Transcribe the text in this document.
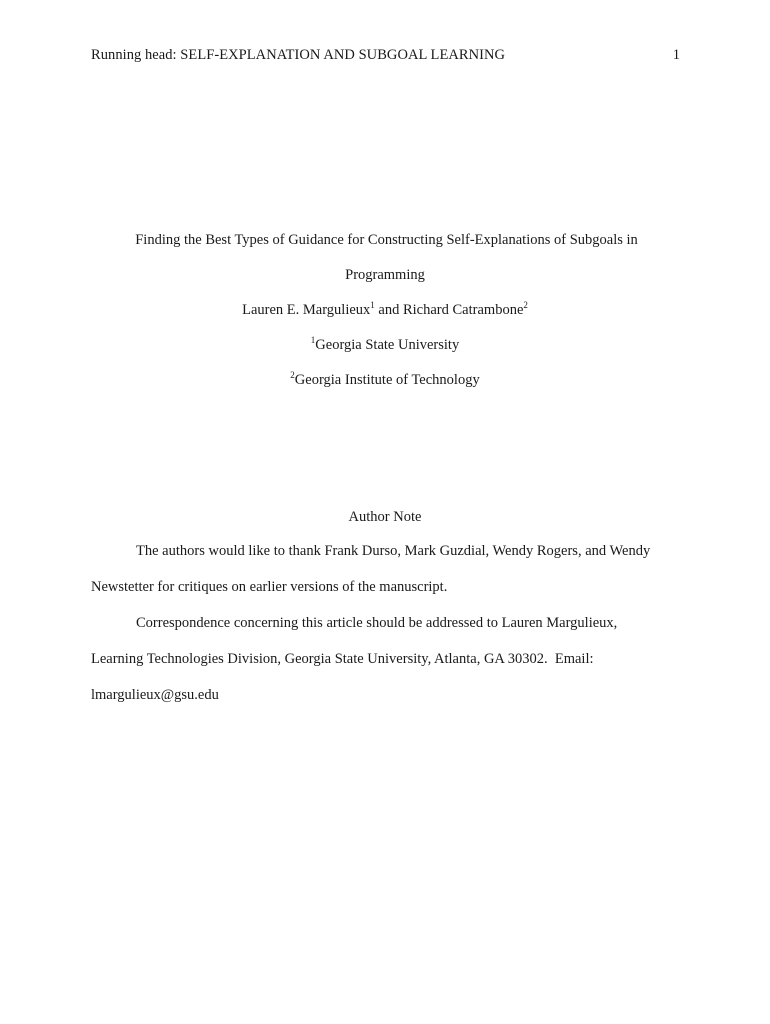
Running head: SELF-EXPLANATION AND SUBGOAL LEARNING	1
Finding the Best Types of Guidance for Constructing Self-Explanations of Subgoals in
Programming
Lauren E. Margulieux$^1$ and Richard Catrambone$^2$
$^1$Georgia State University
$^2$Georgia Institute of Technology
Author Note
The authors would like to thank Frank Durso, Mark Guzdial, Wendy Rogers, and Wendy
Newstetter for critiques on earlier versions of the manuscript.
Correspondence concerning this article should be addressed to Lauren Margulieux,
Learning Technologies Division, Georgia State University, Atlanta, GA 30302.  Email:
lmargulieux@gsu.edu
